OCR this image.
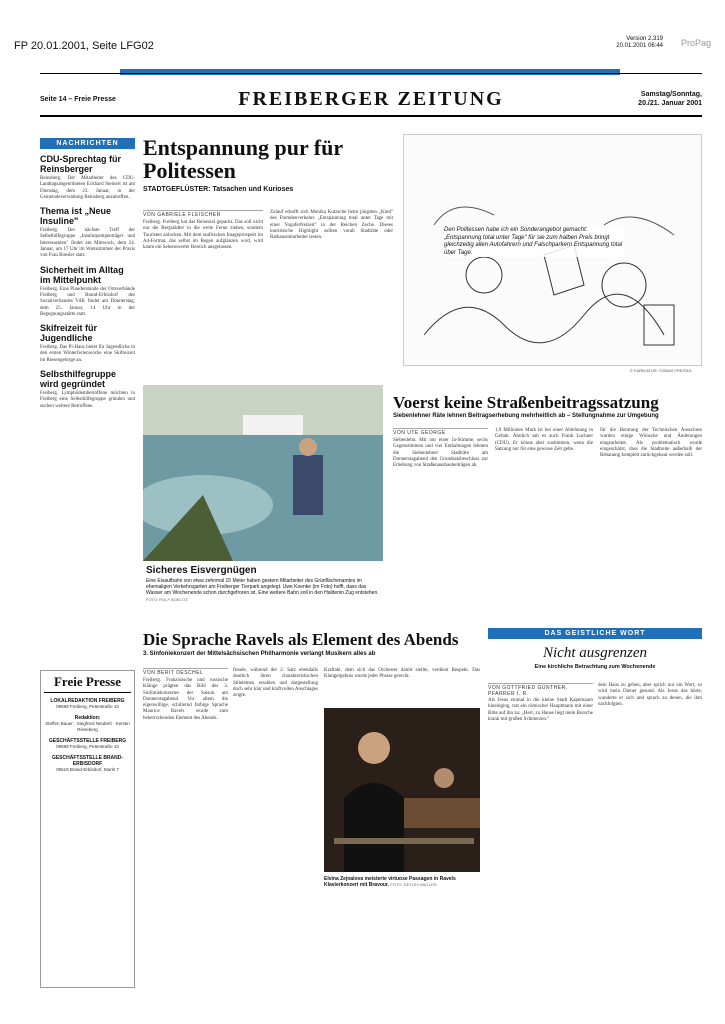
FP 20.01.2001, Seite LFG02
Version 2.319
20.01.2001 06:44 ProPag
Seite 14 – Freie Presse	FREIBERGER ZEITUNG	Samstag/Sonntag,
20./21. Januar 2001
NACHRICHTEN
CDU-Sprechtag für Reinsberger
Reinsberg. Der Mitarbeiter des CDU-Landtagsabgeordneten Eckhard Steinert ist am Dienstag, dem 23. Januar, in der Gemeindeverwaltung Reinsberg anzutreffen.
Thema ist „Neue Insuline"
Freiberg. Der nächste Treff der Selbsthilfegruppe „Insulinpumpenträger und Interessenten" findet am Mittwoch, dem 24. Januar, um 17 Uhr im Wartezimmer der Praxis von Frau Roesler statt.
Sicherheit im Alltag im Mittelpunkt
Freiberg. Eine Plauderstunde der Ortsverbände Freiberg und Brand-Erbisdorf des Sozialverbandes VdK findet am Donnerstag, dem 25. Januar, 14 Uhr in der Begegnungsstätte statt.
Skifreizeit für Jugendliche
Freiberg. Das Pi-Haus bietet für Jugendliche in den ersten Winterferienwoche eine Skifreizeit im Riesengebirge an.
Selbsthilfegruppe wird gegründet
Freiberg. Lymphödembetroffene möchten in Freiberg eine Selbsthilfegruppe gründen und suchen weitere Betroffene.
Freie Presse
LOKALREDAKTION FREIBERG
09599 Freiberg, Peterstraße 10
Redaktion:
Steffen Bauer · Siegfried Neubert · Kerstin Rieseberg
GESCHÄFTSSTELLE FREIBERG
09599 Freiberg, Peterstraße 10
GESCHÄFTSSTELLE BRAND-ERBISDORF
09618 Brand-Erbisdorf, Markt 7
Entspannung pur für Politessen
STADTGEFLÜSTER: Tatsachen und Kurioses
VON GABRIELE FLEISCHER
Freiberg. Freiberg hat das Reiseziel gepackt. Das soll nicht nur die Bergstädter in die weite Ferne ziehen, sondern Touristen anlocken. Mit dem taufrischen Imageprospekt im A4-Format, das selbst im Regen aufglänzen wird, wird kaum ein Sehenswerter Bereich ausgelassen.
Zulauf erhofft sich Monika Kutzsche beim jüngsten „Kind" des Fremdenverkehrs „Entspannung total unter Tage mit einer Yogaferfreizeit" in der Reichen Zeche. Dieses touristische Highlight sollten vorab Stadträte oder Rathausmitarbeiter testen.
Den Politessen habe ich ein Sonderangebot gemacht: „Entspannung total unter Tage" für sie zum halben Preis bringt gleichzeitig allen Autofahrern und Falschparkern Entspannung total über Tage.
© KARIKATUR: TOBIAS FREITAG
Sicheres Eisvergnügen
Eine Eisaufbahn von etwa zehnmal 15 Meter haben gestern Mitarbeiter des Grünflächenamtes im ehemaligen Verkehrsgarten am Freiberger Tierpark angelegt. Uwe Koenke (im Foto) hofft, dass das Wasser am Wochenende schon durchgefroren ist. Eine weitere Bahn soll in den Haldenin Zug entstehen. FOTO: ROLF BOELITZ
Voerst keine Straßenbeitragssatzung
Siebenlehner Räte lehnen Beitragserhebung mehrheitlich ab – Stellungnahme zur Umgebung
VON UTE GEORGE
Siebenlehn. Mit nur einer Ja-Stimme, sechs Gegenstimmen und vier Enthaltungen lehnten die Siebenlehner Stadträte am Donnerstagabend den Grundsatzbeschluss zur Erhebung von Straßenausbaubeiträgen ab.
1,9 Millionen Mark ist bei einer Ablehnung in Gefahr. Ähnlich sah es auch Frank Luchner (CDU). Er könne aber zustimmen, wenn die Satzung nur für eine gewisse Zeit gelte.
für die Beratung der Technischen Ausschuss wurden einige Wünsche und Änderungen eingearbeitet. Als problematisch wurde eingeschätzt, dass die Stadtreite außerhalb der Bebauung komplett zurückgebaut werden soll.
Die Sprache Ravels als Element des Abends
3. Sinfoniekonzert der Mittelsächsischen Philharmonie verlangt Musikern alles ab
VON BERIT DESCHEL
Freiberg. Französische und russische Klänge prägten das Bild des 3. Sinfoniekonzertes der Saison am Donnerstagabend. Vor allem die eigenwillige, schillernd farbige Sprache Maurice Ravels wurde zum beherrschenden Element des Abends.
freude, während der 2. Satz ebendalls deutlich ihren charakteristischen Stilelemen ersahlen und dargestellung doch sehr klar und kraftvollen Anschlages zeigte.
Kraftakt, dem sich das Orchester damit stellte, verdient Respekt. Das Klangergebnis wurde jeder Phrase gerecht.
Elvina Zejnalova meisterte virtuose Passagen in Ravels Klavierkonzert mit Bravour. FOTO: DETLEV MÜLLER
DAS GEISTLICHE WORT
Nicht ausgrenzen
Eine kirchliche Betrachtung zum Wochenende
VON GOTTFRIED GÜNTHER, PFARRER I. R.
Als Jesus einmal in die kleine Stadt Kapernaum hineinging, trat ein römischer Hauptmann mit einer Bitte auf ihn zu: „Herr, zu Hause liegt mein Bursche krank mit großen Schmerzen."
dein Haus zu gehen, aber sprich nur ein Wort, so wird mein Diener gesund. Als Jesus das hörte, wunderte er sich und sprach zu denen, die ihm nachfolgten.
